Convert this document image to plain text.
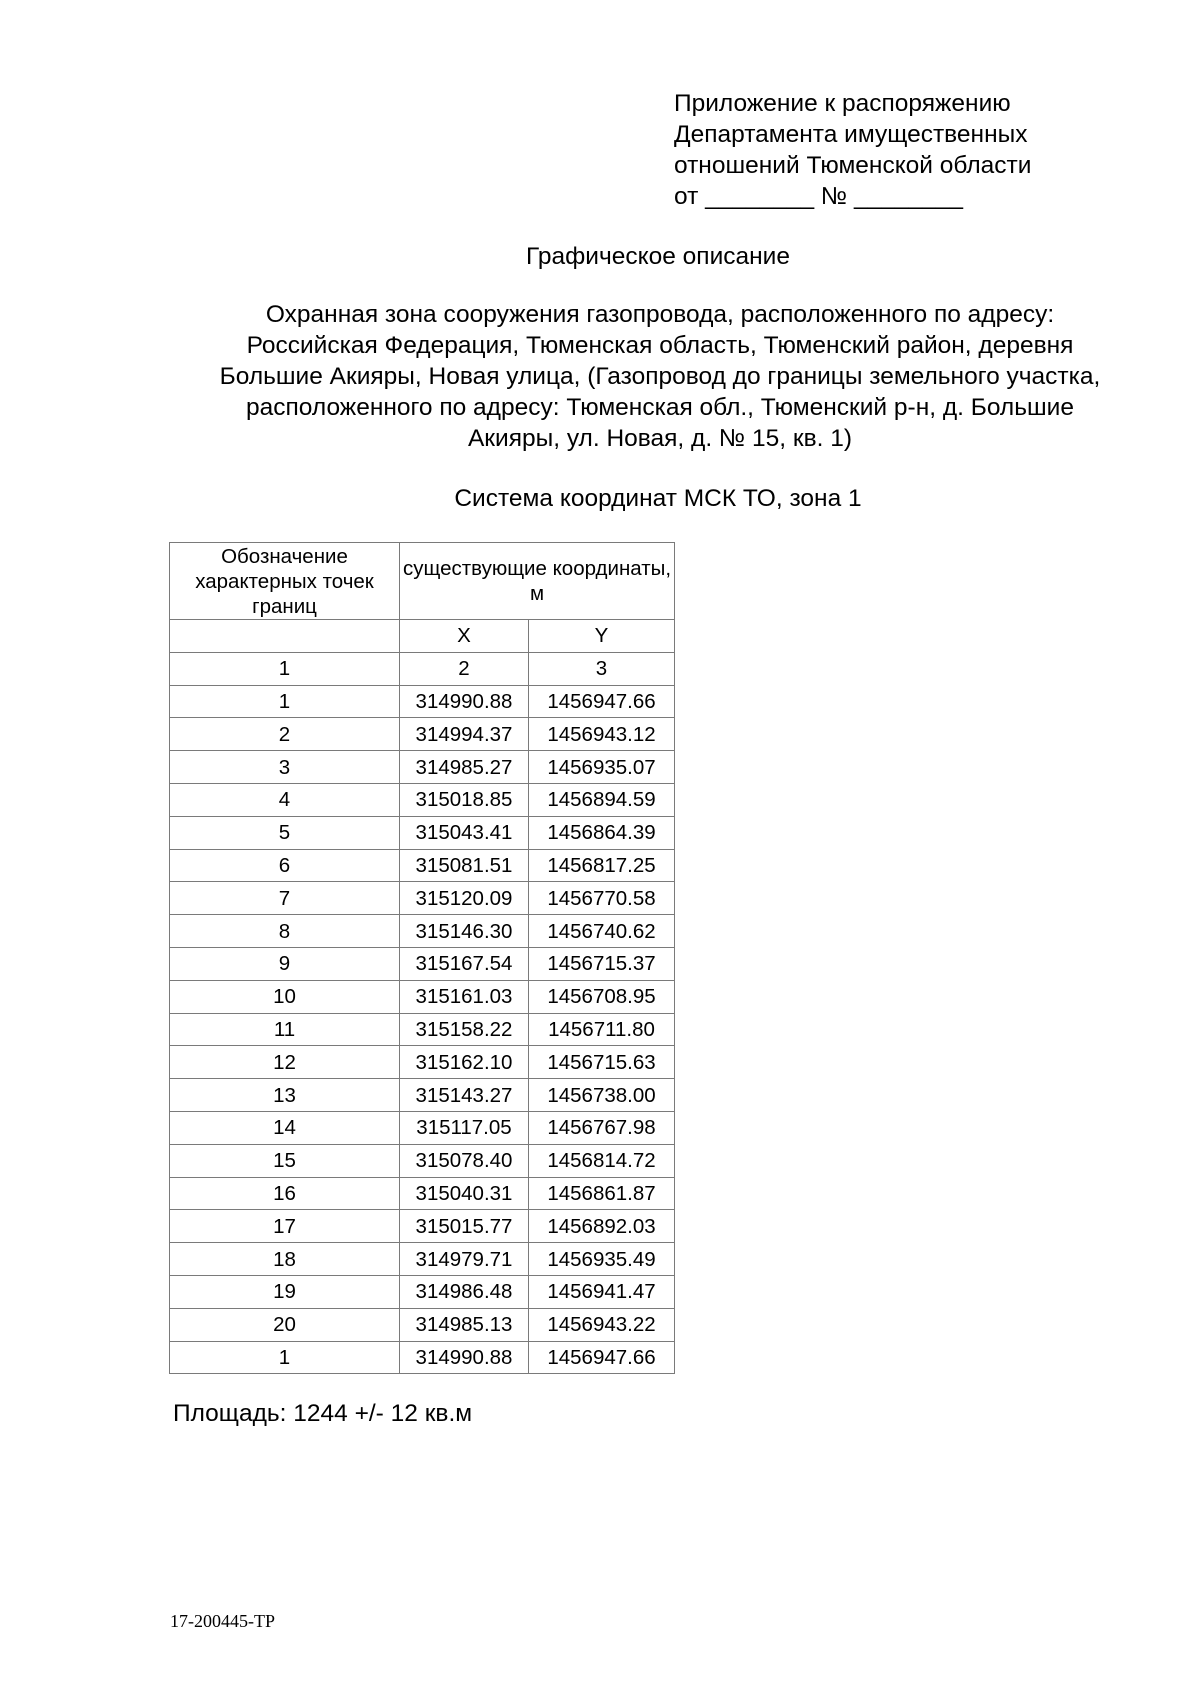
Приложение к распоряжению
Департамента имущественных
отношений Тюменской области
от ________ № ________
Графическое описание
Охранная зона сооружения газопровода, расположенного по адресу:
Российская Федерация, Тюменская область, Тюменский район, деревня
Большие Акияры, Новая улица, (Газопровод до границы земельного участка,
расположенного по адресу: Тюменская обл., Тюменский р-н, д. Большие
Акияры, ул. Новая, д. № 15, кв. 1)
Система координат МСК ТО, зона 1
Обозначение характерных точек границ	существующие координаты, м	
	X	Y
1	2	3
1	314990.88	1456947.66
2	314994.37	1456943.12
3	314985.27	1456935.07
4	315018.85	1456894.59
5	315043.41	1456864.39
6	315081.51	1456817.25
7	315120.09	1456770.58
8	315146.30	1456740.62
9	315167.54	1456715.37
10	315161.03	1456708.95
11	315158.22	1456711.80
12	315162.10	1456715.63
13	315143.27	1456738.00
14	315117.05	1456767.98
15	315078.40	1456814.72
16	315040.31	1456861.87
17	315015.77	1456892.03
18	314979.71	1456935.49
19	314986.48	1456941.47
20	314985.13	1456943.22
1	314990.88	1456947.66
Площадь: 1244 +/- 12 кв.м
17-200445-ТР
